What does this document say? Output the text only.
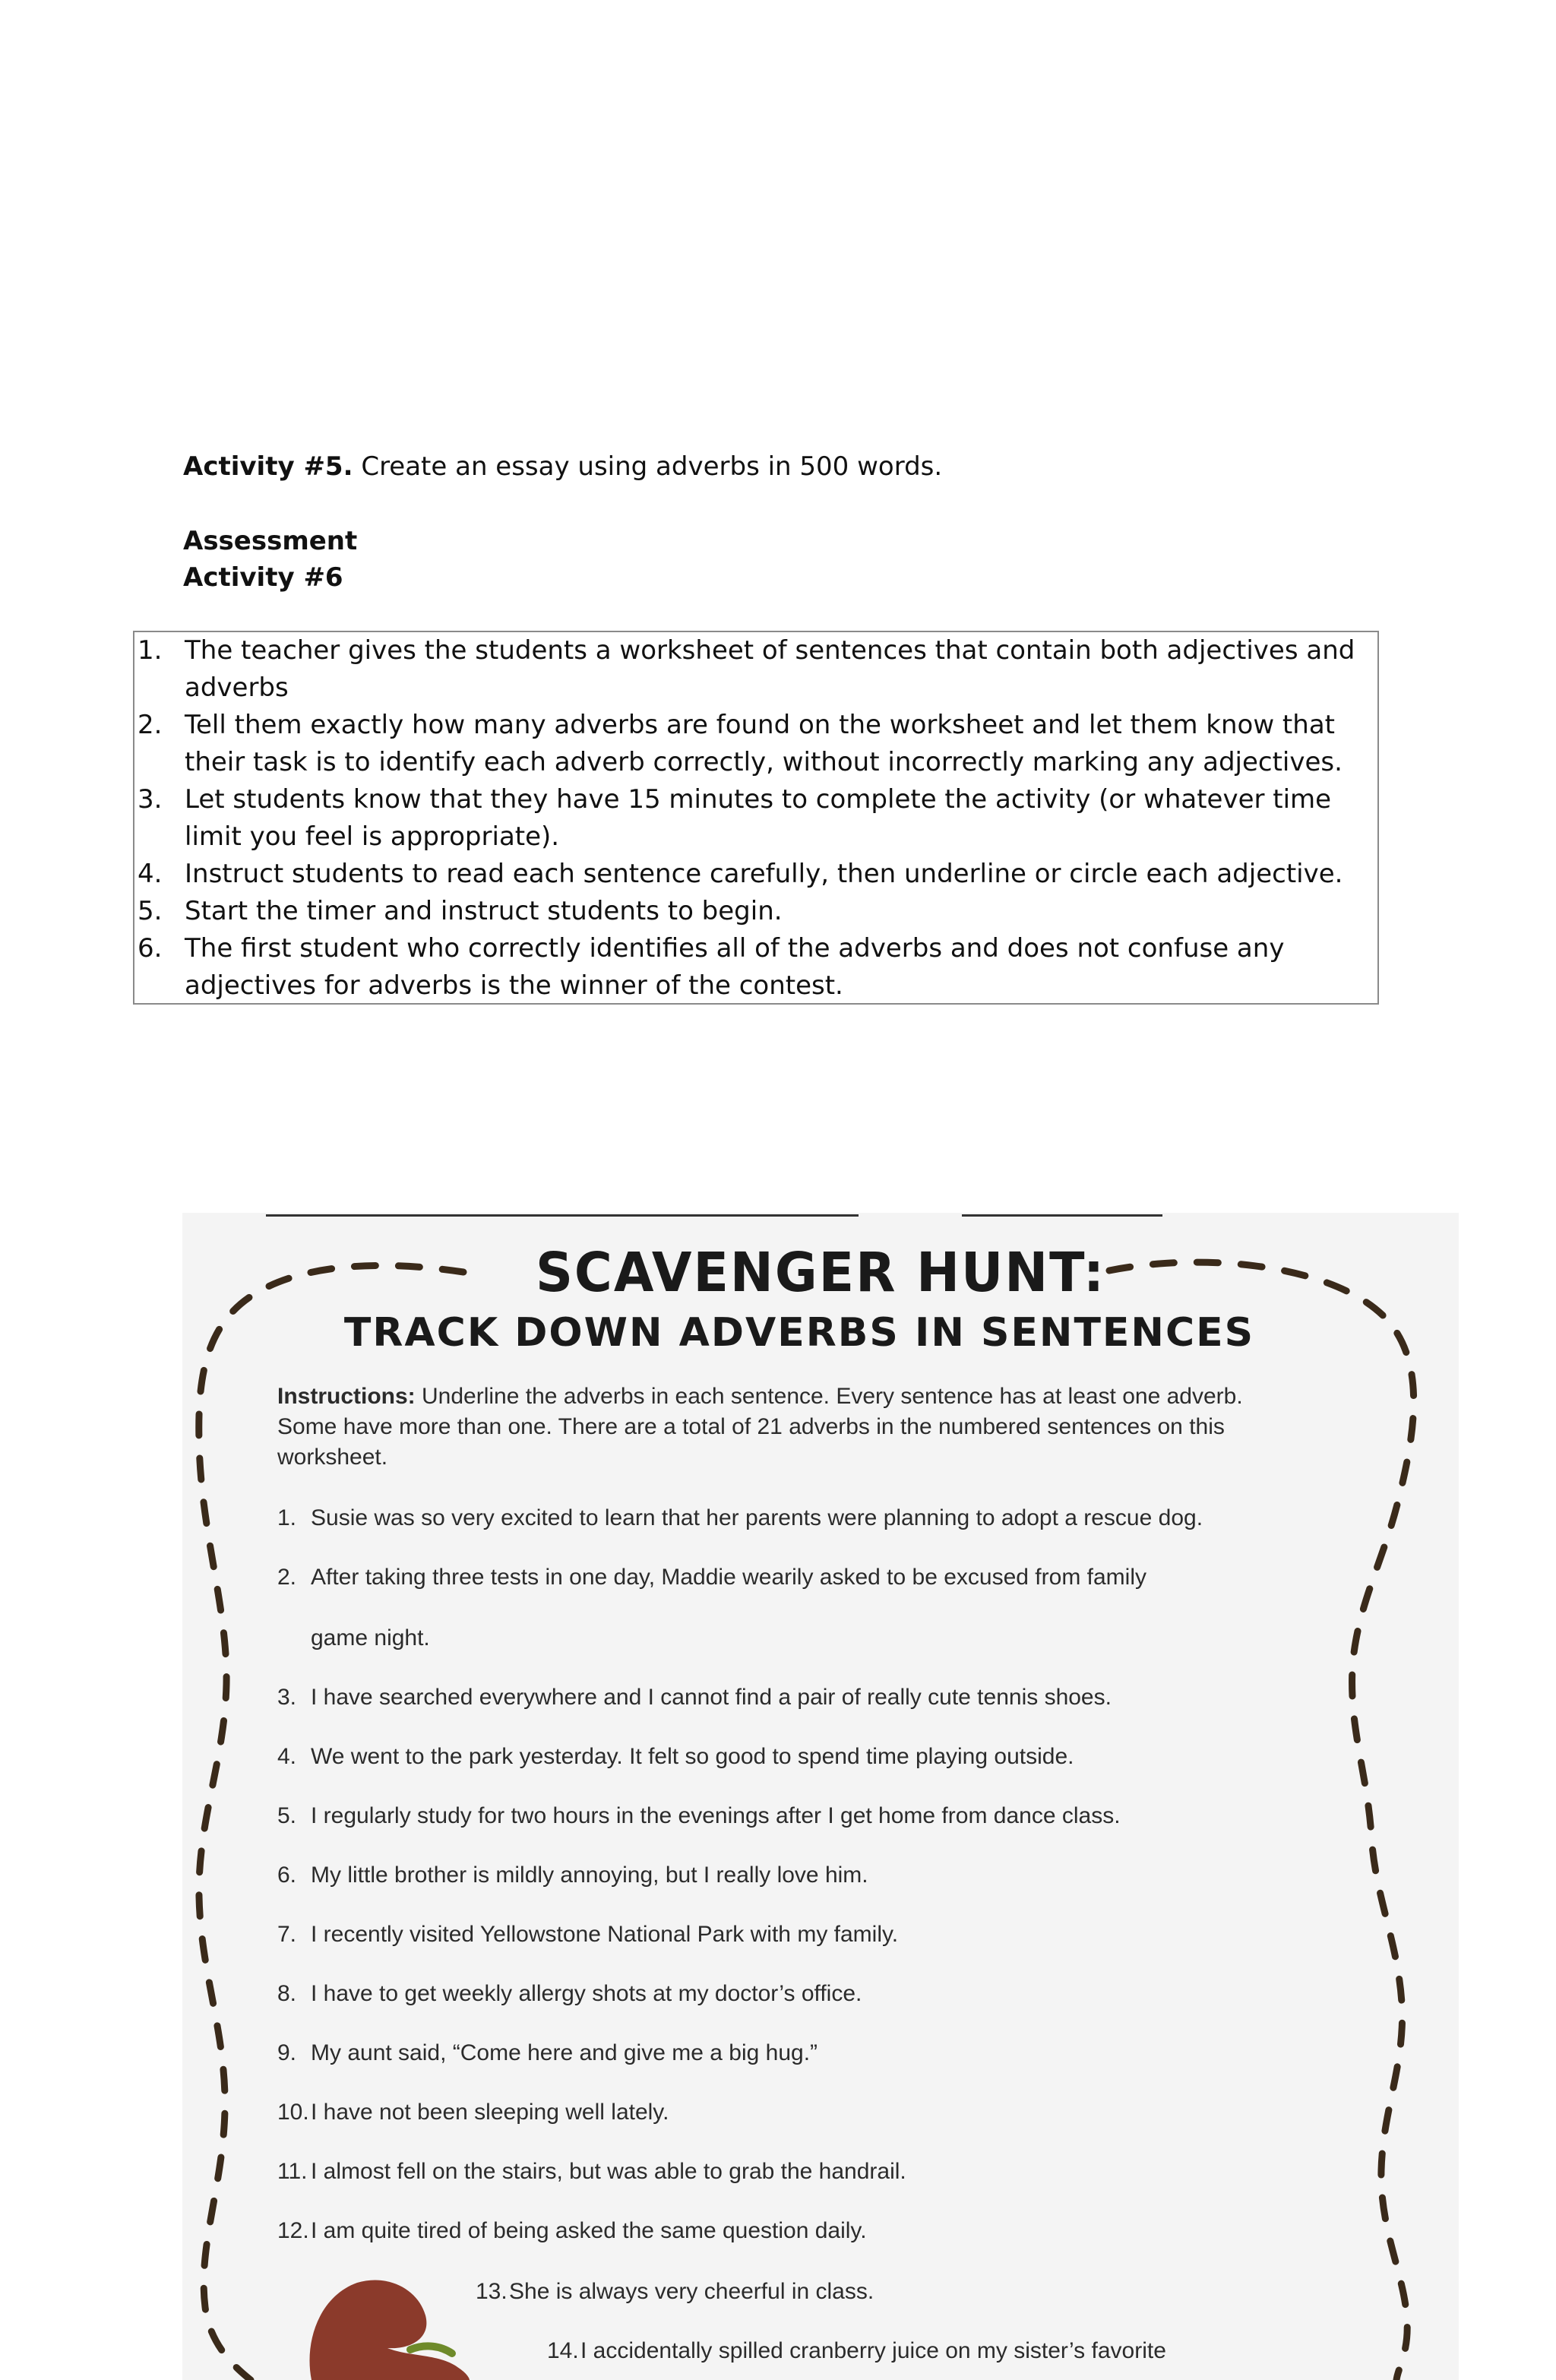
Activity #5. Create an essay using adverbs in 500 words.
Assessment
Activity #6
1. The teacher gives the students a worksheet of sentences that contain both adjectives and adverbs
2. Tell them exactly how many adverbs are found on the worksheet and let them know that their task is to identify each adverb correctly, without incorrectly marking any adjectives.
3. Let students know that they have 15 minutes to complete the activity (or whatever time limit you feel is appropriate).
4. Instruct students to read each sentence carefully, then underline or circle each adjective.
5. Start the timer and instruct students to begin.
6. The first student who correctly identifies all of the adverbs and does not confuse any adjectives for adverbs is the winner of the contest.
SCAVENGER HUNT:
TRACK DOWN ADVERBS IN SENTENCES
Instructions: Underline the adverbs in each sentence. Every sentence has at least one adverb. Some have more than one. There are a total of 21 adverbs in the numbered sentences on this worksheet.
1. Susie was so very excited to learn that her parents were planning to adopt a rescue dog.
2. After taking three tests in one day, Maddie wearily asked to be excused from family
game night.
3. I have searched everywhere and I cannot find a pair of really cute tennis shoes.
4. We went to the park yesterday. It felt so good to spend time playing outside.
5. I regularly study for two hours in the evenings after I get home from dance class.
6. My little brother is mildly annoying, but I really love him.
7. I recently visited Yellowstone National Park with my family.
8. I have to get weekly allergy shots at my doctor’s office.
9. My aunt said, “Come here and give me a big hug.”
10.I have not been sleeping well lately.
11. I almost fell on the stairs, but was able to grab the handrail.
12.I am quite tired of being asked the same question daily.
13.She is always very cheerful in class.
14.I accidentally spilled cranberry juice on my sister’s favorite
